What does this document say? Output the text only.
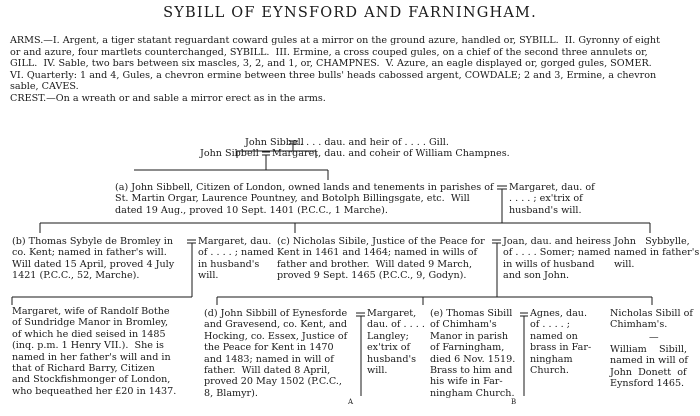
SYBILL OF EYNSFORD AND FARNINGHAM.
ARMS.—I. Argent, a tiger statant reguardant coward gules at a mirror on the ground azure, handled or, SYBILL.  II. Gyronny of eight
or and azure, four martlets counterchanged, SYBILL.  III. Ermine, a cross couped gules, on a chief of the second three annulets or,
GILL.  IV. Sable, two bars between six mascles, 3, 2, and 1, or, CHAMPNES.  V. Azure, an eagle displayed or, gorged gules, SOMER.
VI. Quarterly: 1 and 4, Gules, a chevron ermine between three bulls' heads cabossed argent, COWDALE; 2 and 3, Ermine, a chevron
sable, CAVES.
CREST.—On a wreath or and sable a mirror erect as in the arms.
John Sibbell
. . . . dau. and heir of . . . . Gill.
John Sibbell Margaret, dau. and coheir of William Champnes.
(a) John Sibbell, Citizen of London, owned lands and tenements in parishes of
St. Martin Orgar, Laurence Pountney, and Botolph Billingsgate, etc.  Will
dated 19 Aug., proved 10 Sept. 1401 (P.C.C., 1 Marche).
Margaret, dau. of
. . . . ; ex'trix of
husband's will.
(b) Thomas Sybyle de Bromley in
co. Kent; named in father's will.
Will dated 15 April, proved 4 July
1421 (P.C.C., 52, Marche).
Margaret, dau.
of . . . . ; named
in husband's
will.
(c) Nicholas Sibile, Justice of the Peace for
Kent in 1461 and 1464; named in wills of
father and brother.  Will dated 9 March,
proved 9 Sept. 1465 (P.C.C., 9, Godyn).
Joan, dau. and heiress
of . . . . Somer; named
in wills of husband
and son John.
John   Sybbylle,
named in father's
will.
Margaret, wife of Randolf Bothe
of Sundridge Manor in Bromley,
of which he died seised in 1485
(inq. p.m. 1 Henry VII.).  She is
named in her father's will and in
that of Richard Barry, Citizen
and Stockfishmonger of London,
who bequeathed her £20 in 1437.
(d) John Sibbill of Eynesforde
and Gravesend, co. Kent, and
Hocking, co. Essex, Justice of
the Peace for Kent in 1470
and 1483; named in will of
father.  Will dated 8 April,
proved 20 May 1502 (P.C.C.,
8, Blamyr).
Margaret,
dau. of . . . .
Langley;
ex'trix of
husband's
will.
(e) Thomas Sibill
of Chimham's
Manor in parish
of Farningham,
died 6 Nov. 1519.
Brass to him and
his wife in Far-
ningham Church.
Agnes, dau.
of . . . . ;
named on
brass in Far-
ningham
Church.
Nicholas Sibill of
Chimham's.
—
William    Sibill,
named in will of
John  Donett  of
Eynsford 1465.
A	B
